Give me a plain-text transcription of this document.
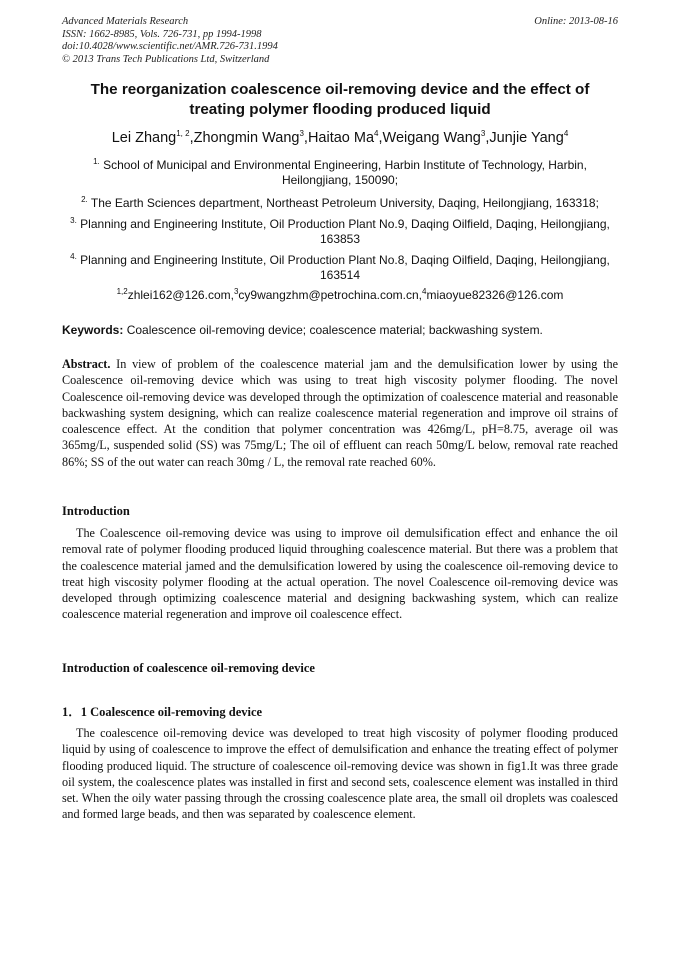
Advanced Materials Research
ISSN: 1662-8985, Vols. 726-731, pp 1994-1998
doi:10.4028/www.scientific.net/AMR.726-731.1994
© 2013 Trans Tech Publications Ltd, Switzerland
Online: 2013-08-16
The reorganization coalescence oil-removing device and the effect of treating polymer flooding produced liquid
Lei Zhang$^{1, 2}$,Zhongmin Wang$^3$,Haitao Ma$^4$,Weigang Wang$^3$,Junjie Yang$^4$
$^{1.}$ School of Municipal and Environmental Engineering, Harbin Institute of Technology, Harbin, Heilongjiang, 150090;
$^{2.}$ The Earth Sciences department, Northeast Petroleum University, Daqing, Heilongjiang, 163318;
$^{3.}$ Planning and Engineering Institute, Oil Production Plant No.9, Daqing Oilfield, Daqing, Heilongjiang, 163853
$^{4.}$ Planning and Engineering Institute, Oil Production Plant No.8, Daqing Oilfield, Daqing, Heilongjiang, 163514
$^{1,2}$zhlei162@126.com,$^3$cy9wangzhm@petrochina.com.cn,$^4$miaoyue82326@126.com
Keywords: Coalescence oil-removing device; coalescence material; backwashing system.
Abstract. In view of problem of the coalescence material jam and the demulsification lower by using the Coalescence oil-removing device which was using to treat high viscosity polymer flooding. The novel Coalescence oil-removing device was developed through the optimization of coalescence material and reasonable backwashing system designing, which can realize coalescence material regeneration and improve oil strains of coalescence effect. At the condition that polymer concentration was 426mg/L, pH=8.75, average oil was 365mg/L, suspended solid (SS) was 75mg/L; The oil of effluent can reach 50mg/L below, removal rate reached 86%; SS of the out water can reach 30mg / L, the removal rate reached 60%.
Introduction
The Coalescence oil-removing device was using to improve oil demulsification effect and enhance the oil removal rate of polymer flooding produced liquid throughing coalescence material. But there was a problem that the coalescence material jamed and the demulsification lowered by using the coalescence oil-removing device to treat high viscosity polymer flooding at the actual operation. The novel Coalescence oil-removing device was developed through optimizing coalescence material and designing backwashing system, which can realize coalescence material regeneration and improve oil coalescence effect.
Introduction of coalescence oil-removing device
1．1 Coalescence oil-removing device
The coalescence oil-removing device was developed to treat high viscosity of polymer flooding produced liquid by using of coalescence to improve the effect of demulsification and enhance the treating effect of polymer flooding produced liquid. The structure of coalescence oil-removing device was shown in fig1.It was three grade oil system, the coalescence plates was installed in first and second sets, coalescence element was installed in third set. When the oily water passing through the crossing coalescence plate area, the small oil droplets was coalesced and formed large beads, and then was separated by coalescence element.
